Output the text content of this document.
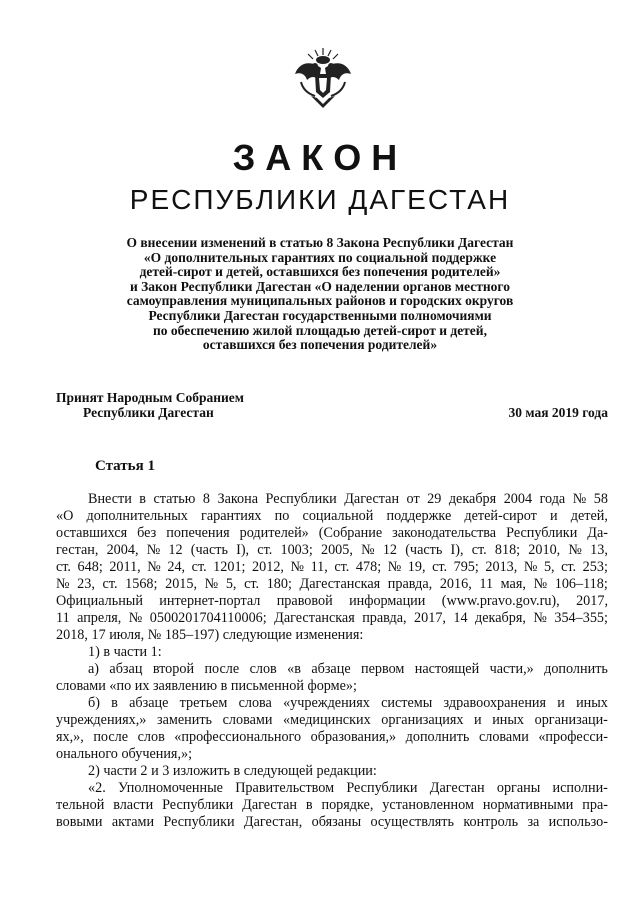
ЗАКОН
РЕСПУБЛИКИ ДАГЕСТАН
О внесении изменений в статью 8 Закона Республики Дагестан
«О дополнительных гарантиях по социальной поддержке
детей-сирот и детей, оставшихся без попечения родителей»
и Закон Республики Дагестан «О наделении органов местного
самоуправления муниципальных районов и городских округов
Республики Дагестан государственными полномочиями
по обеспечению жилой площадью детей-сирот и детей,
оставшихся без попечения родителей»
Принят Народным Собранием
Республики Дагестан	30 мая 2019 года
Статья 1
Внести в статью 8 Закона Республики Дагестан от 29 декабря 2004 года № 58
«О дополнительных гарантиях по социальной поддержке детей-сирот и детей,
оставшихся без попечения родителей» (Собрание законодательства Республики Да-
гестан, 2004, № 12 (часть I), ст. 1003; 2005, № 12 (часть I), ст. 818; 2010, № 13,
ст. 648; 2011, № 24, ст. 1201; 2012, № 11, ст. 478; № 19, ст. 795; 2013, № 5, ст. 253;
№ 23, ст. 1568; 2015, № 5, ст. 180; Дагестанская правда, 2016, 11 мая, № 106–118;
Официальный интернет-портал правовой информации (www.pravo.gov.ru), 2017,
11 апреля, № 0500201704110006; Дагестанская правда, 2017, 14 декабря, № 354–355;
2018, 17 июля, № 185–197) следующие изменения:
1) в части 1:
а) абзац второй после слов «в абзаце первом настоящей части,» дополнить
словами «по их заявлению в письменной форме»;
б) в абзаце третьем слова «учреждениях системы здравоохранения и иных
учреждениях,» заменить словами «медицинских организациях и иных организаци-
ях,», после слов «профессионального образования,» дополнить словами «професси-
онального обучения,»;
2) части 2 и 3 изложить в следующей редакции:
«2. Уполномоченные Правительством Республики Дагестан органы исполни-
тельной власти Республики Дагестан в порядке, установленном нормативными пра-
вовыми актами Республики Дагестан, обязаны осуществлять контроль за использо-
